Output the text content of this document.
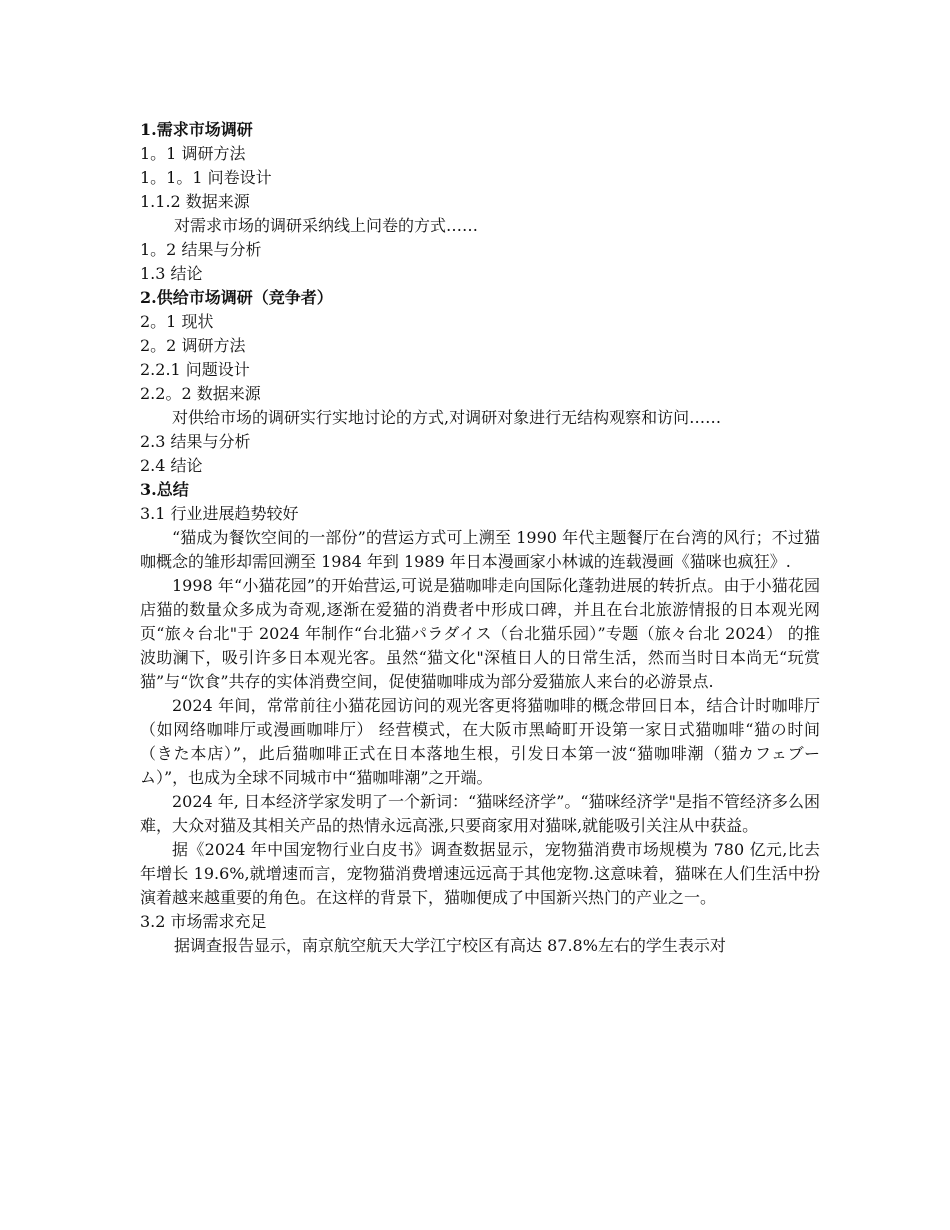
1.需求市场调研
1。1 调研方法
1。1。1 问卷设计
1.1.2 数据来源
对需求市场的调研采纳线上问卷的方式……
1。2 结果与分析
1.3 结论
2.供给市场调研（竞争者）
2。1 现状
2。2 调研方法
2.2.1 问题设计
2.2。2 数据来源
对供给市场的调研实行实地讨论的方式,对调研对象进行无结构观察和访问……
2.3 结果与分析
2.4 结论
3.总结
3.1 行业进展趋势较好
“猫成为餐饮空间的一部份”的营运方式可上溯至 1990 年代主题餐厅在台湾的风行；不过猫咖概念的雏形却需回溯至 1984 年到 1989 年日本漫画家小林诚的连载漫画《猫咪也疯狂》.
1998 年“小猫花园”的开始营运,可说是猫咖啡走向国际化蓬勃进展的转折点。由于小猫花园店猫的数量众多成为奇观,逐渐在爱猫的消费者中形成口碑，并且在台北旅游情报的日本观光网页“旅々台北"于 2024 年制作“台北猫パラダイス（台北猫乐园）”专题（旅々台北 2024） 的推波助澜下，吸引许多日本观光客。虽然“猫文化"深植日人的日常生活，然而当时日本尚无“玩赏猫”与“饮食”共存的实体消费空间，促使猫咖啡成为部分爱猫旅人来台的必游景点.
2024 年间，常常前往小猫花园访问的观光客更将猫咖啡的概念带回日本，结合计时咖啡厅（如网络咖啡厅或漫画咖啡厅） 经营模式，在大阪市黑崎町开设第一家日式猫咖啡“猫の时间（きた本店）”，此后猫咖啡正式在日本落地生根，引发日本第一波“猫咖啡潮（猫カフェブーム）”，也成为全球不同城市中“猫咖啡潮”之开端。
2024 年, 日本经济学家发明了一个新词：“猫咪经济学”。“猫咪经济学"是指不管经济多么困难，大众对猫及其相关产品的热情永远高涨,只要商家用对猫咪,就能吸引关注从中获益。
据《2024 年中国宠物行业白皮书》调查数据显示，宠物猫消费市场规模为 780 亿元,比去年增长 19.6%,就增速而言，宠物猫消费增速远远高于其他宠物.这意味着，猫咪在人们生活中扮演着越来越重要的角色。在这样的背景下，猫咖便成了中国新兴热门的产业之一。
3.2 市场需求充足
据调查报告显示，南京航空航天大学江宁校区有高达 87.8%左右的学生表示对
